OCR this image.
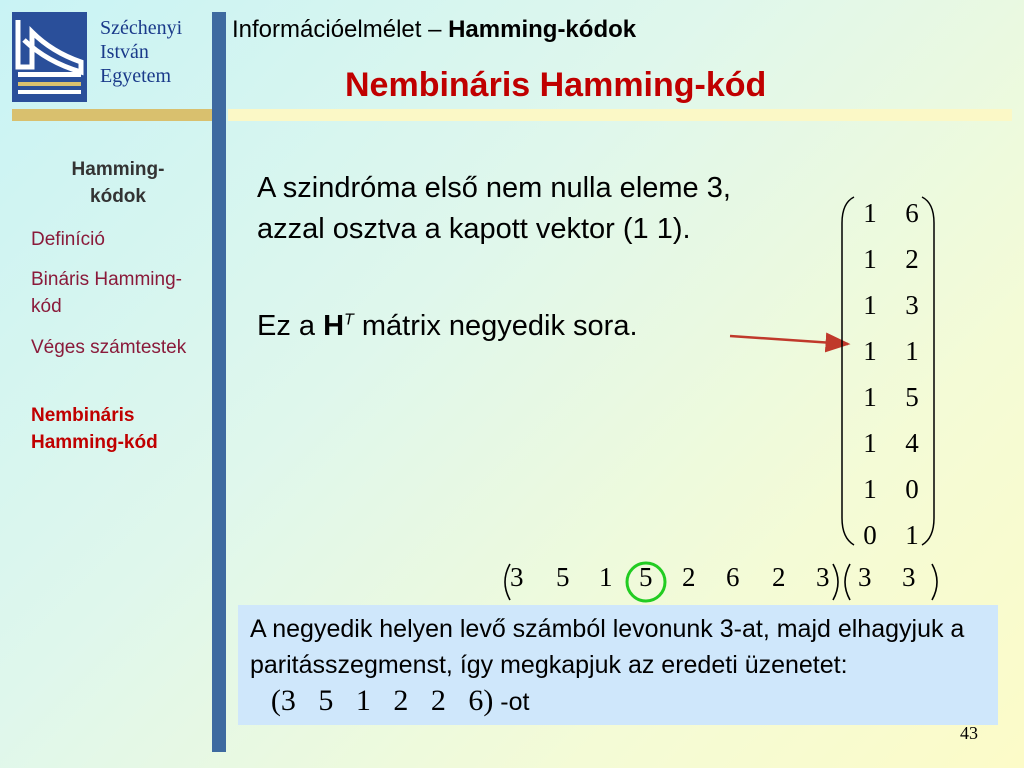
Széchenyi
István
Egyetem
Információelmélet – Hamming-kódok
Nembináris Hamming-kód
Hamming-kódok
Definíció
Bináris Hamming-kód
Véges számtestek
Nembináris Hamming-kód

A szindróma első nem nulla eleme 3, azzal osztva a kapott vektor (1 1).

Ez a $H^T$ mátrix negyedik sora.
1 6
1 2
1 3
1 1
1 5
1 4
1 0
0 1
3 5 1 5 2 6 2 3 3 3
A negyedik helyen levő számból levonunk 3-at, majd elhagyjuk a paritásszegmenst, így megkapjuk az eredeti üzenetet:    (3   5   1   2   2   6) -ot
43
